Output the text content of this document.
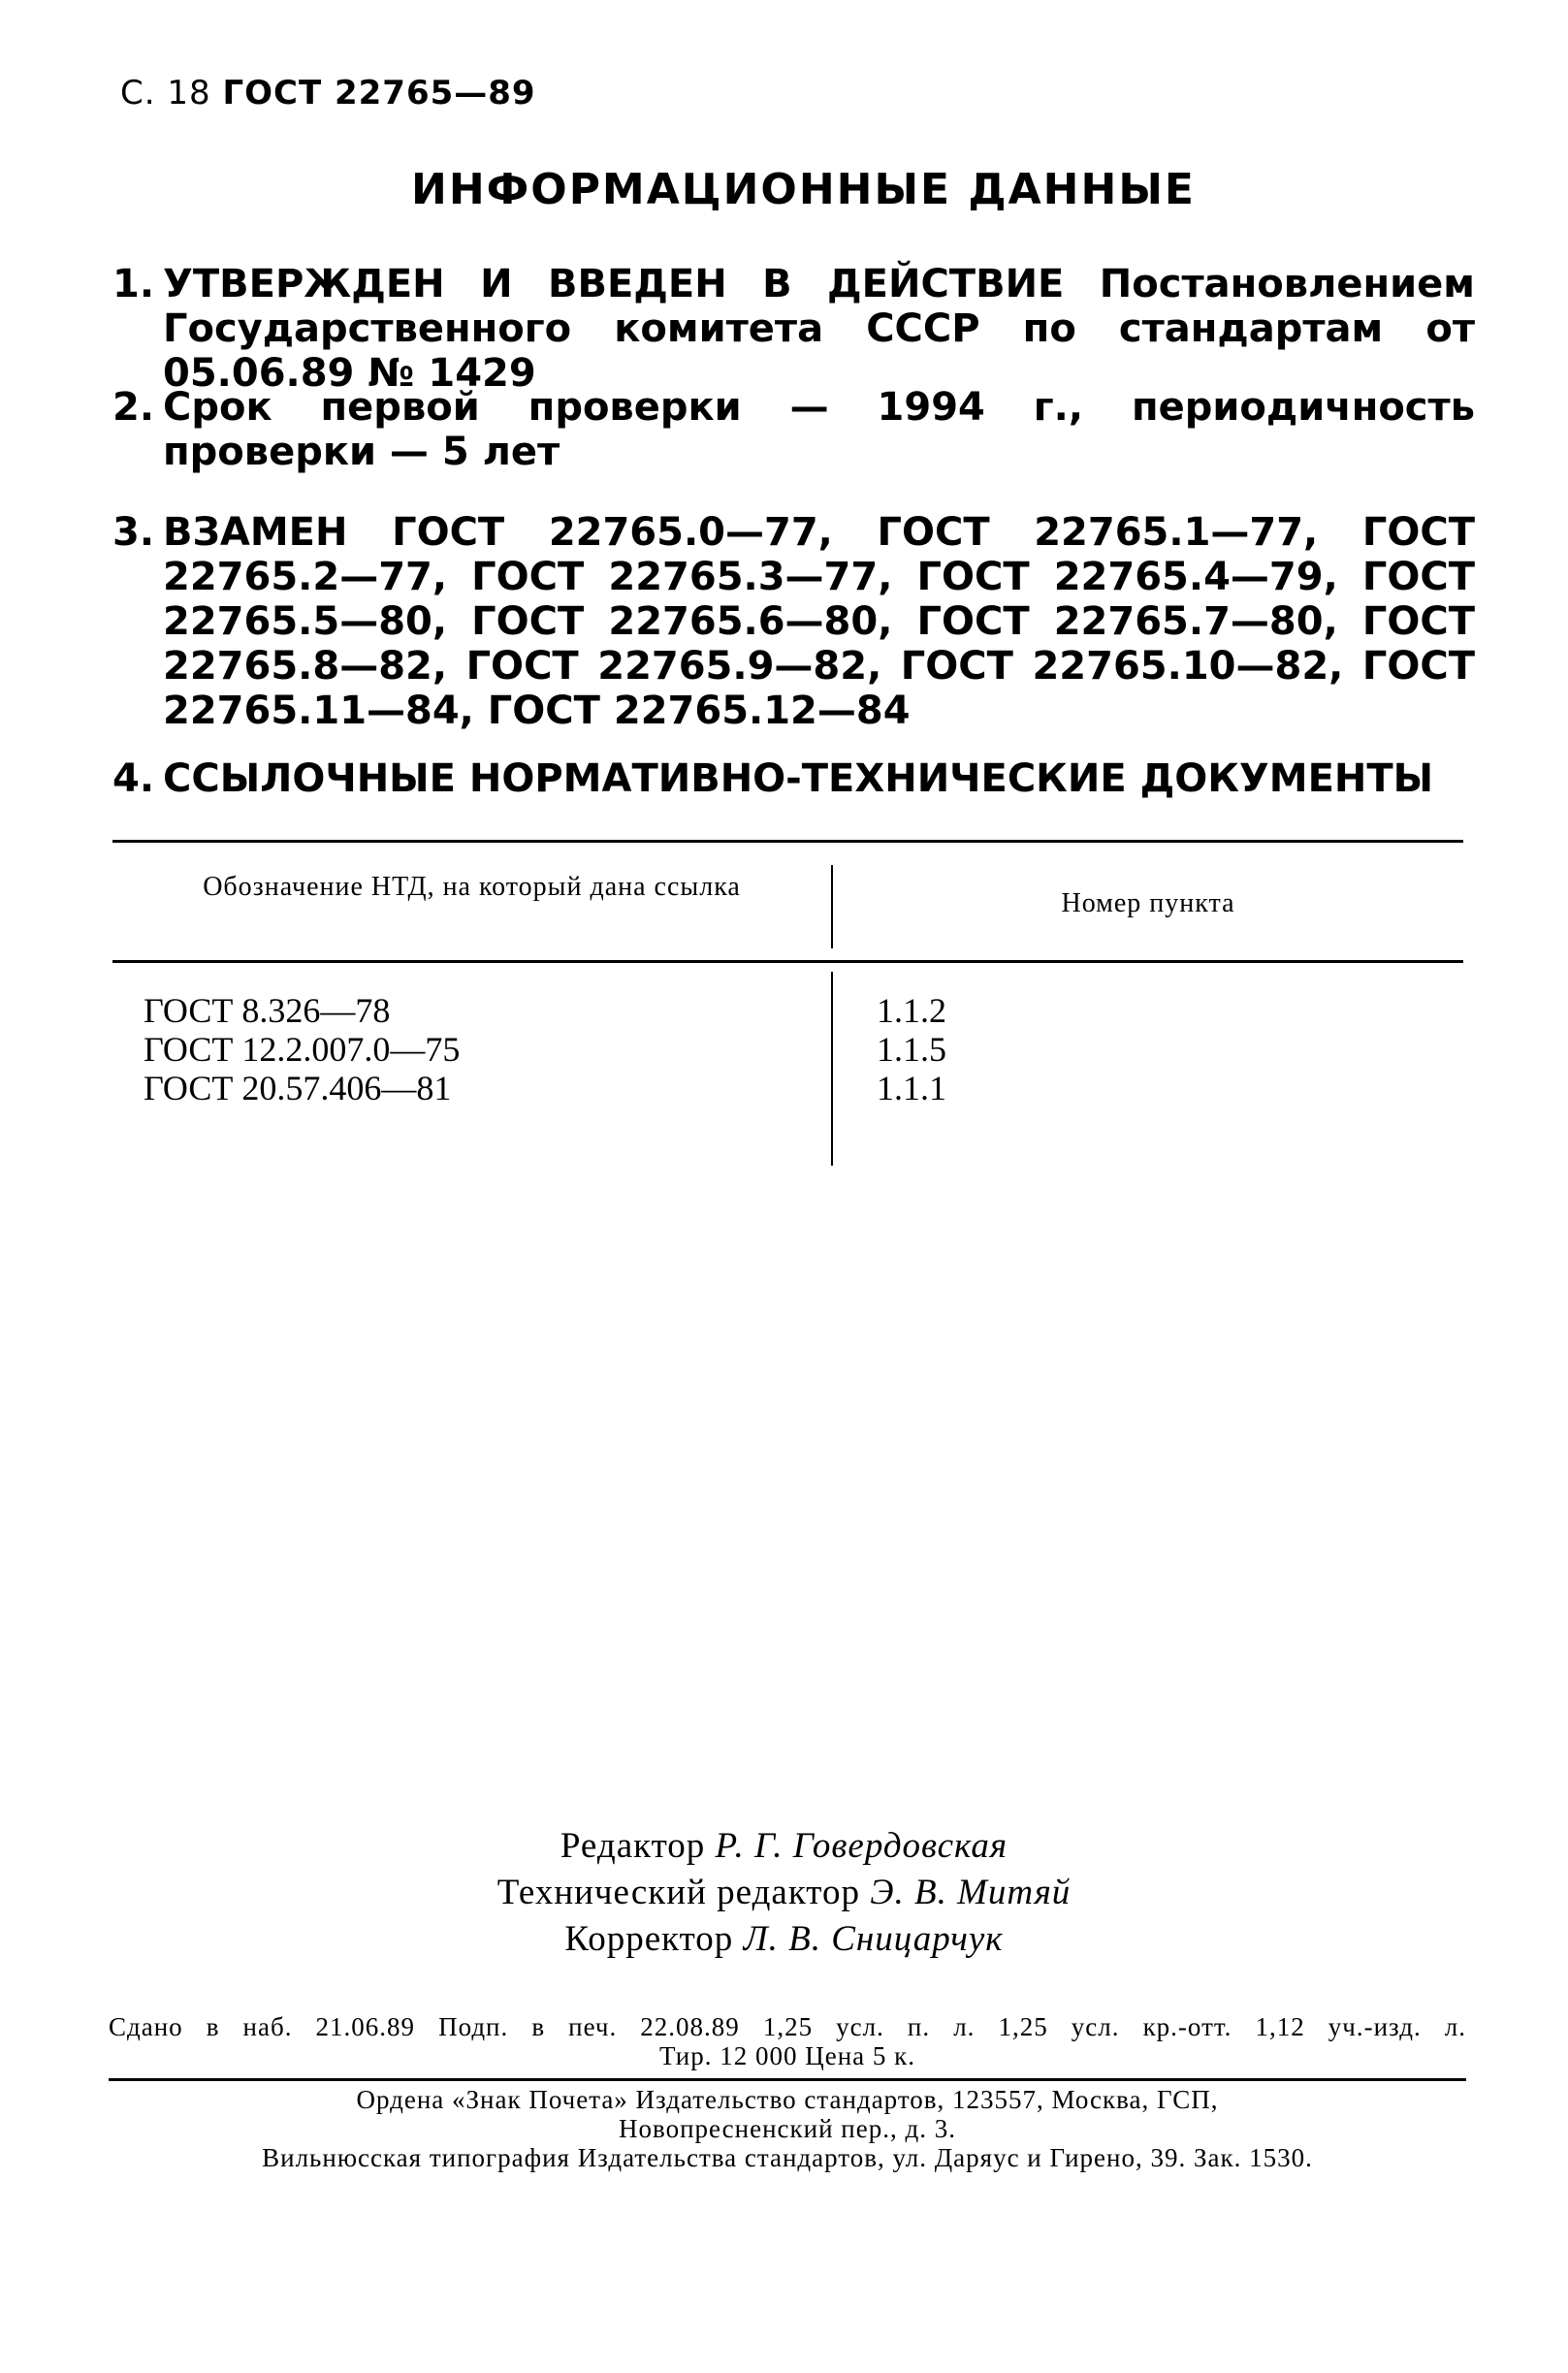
С. 18 ГОСТ 22765—89
ИНФОРМАЦИОННЫЕ ДАННЫЕ
1. УТВЕРЖДЕН И ВВЕДЕН В ДЕЙСТВИЕ Постановлением Государственного комитета СССР по стандартам от 05.06.89 № 1429
2. Срок первой проверки — 1994 г., периодичность проверки — 5 лет
3. ВЗАМЕН ГОСТ 22765.0—77, ГОСТ 22765.1—77, ГОСТ 22765.2—77, ГОСТ 22765.3—77, ГОСТ 22765.4—79, ГОСТ 22765.5—80, ГОСТ 22765.6—80, ГОСТ 22765.7—80, ГОСТ 22765.8—82, ГОСТ 22765.9—82, ГОСТ 22765.10—82, ГОСТ 22765.11—84, ГОСТ 22765.12—84
4. ССЫЛОЧНЫЕ НОРМАТИВНО-ТЕХНИЧЕСКИЕ ДОКУМЕНТЫ
Обозначение НТД, на который дана ссылка
Номер пункта
ГОСТ 8.326—78
ГОСТ 12.2.007.0—75
ГОСТ 20.57.406—81
1.1.2
1.1.5
1.1.1
Редактор Р. Г. Говердовская
Технический редактор Э. В. Митяй
Корректор Л. В. Сницарчук
Сдано в наб. 21.06.89 Подп. в печ. 22.08.89 1,25 усл. п. л. 1,25 усл. кр.-отт. 1,12 уч.-изд. л.
Тир. 12 000 Цена 5 к.
Ордена «Знак Почета» Издательство стандартов, 123557, Москва, ГСП,
Новопресненский пер., д. 3.
Вильнюсская типография Издательства стандартов, ул. Даряус и Гирено, 39. Зак. 1530.
